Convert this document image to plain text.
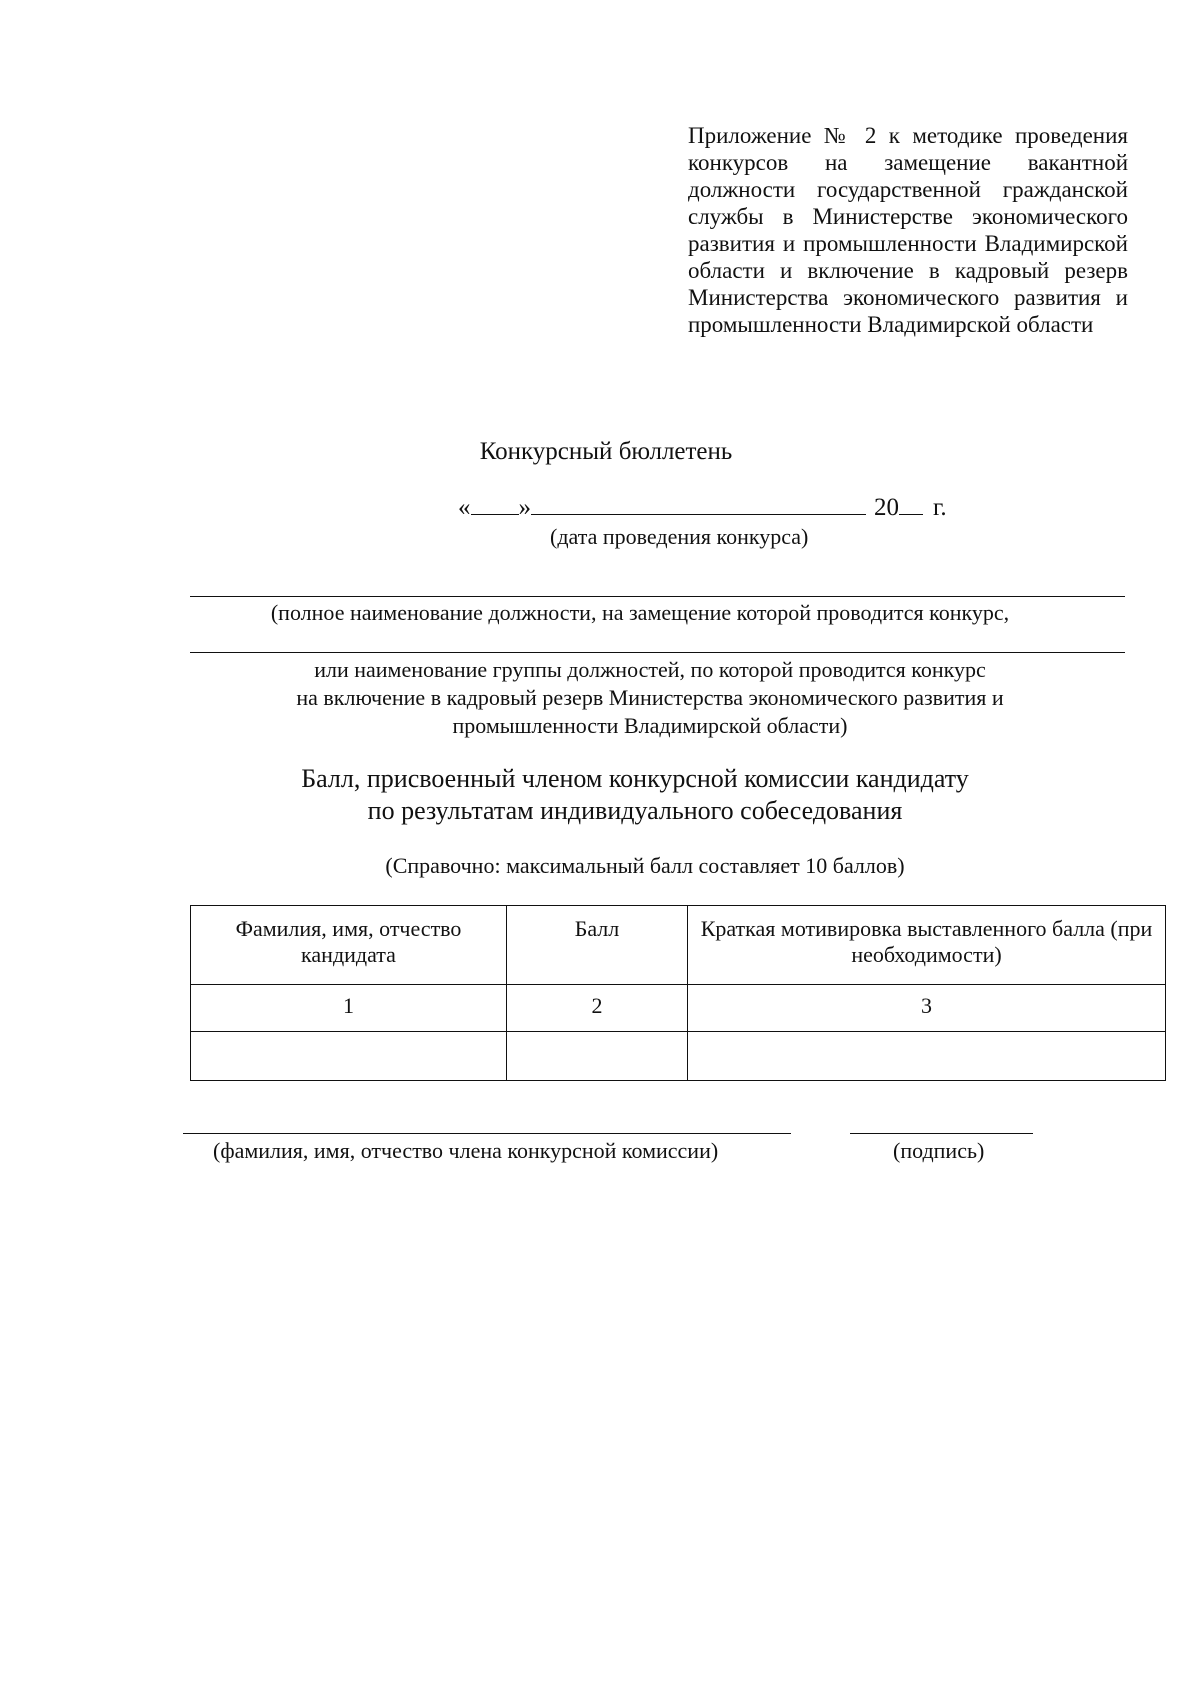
Приложение № 2 к методике проведения конкурсов на замещение вакантной должности государственной гражданской службы в Министерстве экономического развития и промышленности Владимирской области и включение в кадровый резерв Министерства экономического развития и промышленности Владимирской области
Конкурсный бюллетень
« »	20 г.
(дата проведения конкурса)
(полное наименование должности, на замещение которой проводится конкурс,
или наименование группы должностей, по которой проводится конкурс
на включение в кадровый резерв Министерства экономического развития и
промышленности Владимирской области)
Балл, присвоенный членом конкурсной комиссии кандидату
по результатам индивидуального собеседования
(Справочно: максимальный балл составляет 10 баллов)
Фамилия, имя, отчество кандидата	Балл	Краткая мотивировка выставленного балла (при необходимости)
1	2	3

(фамилия, имя, отчество члена конкурсной комиссии)	(подпись)
